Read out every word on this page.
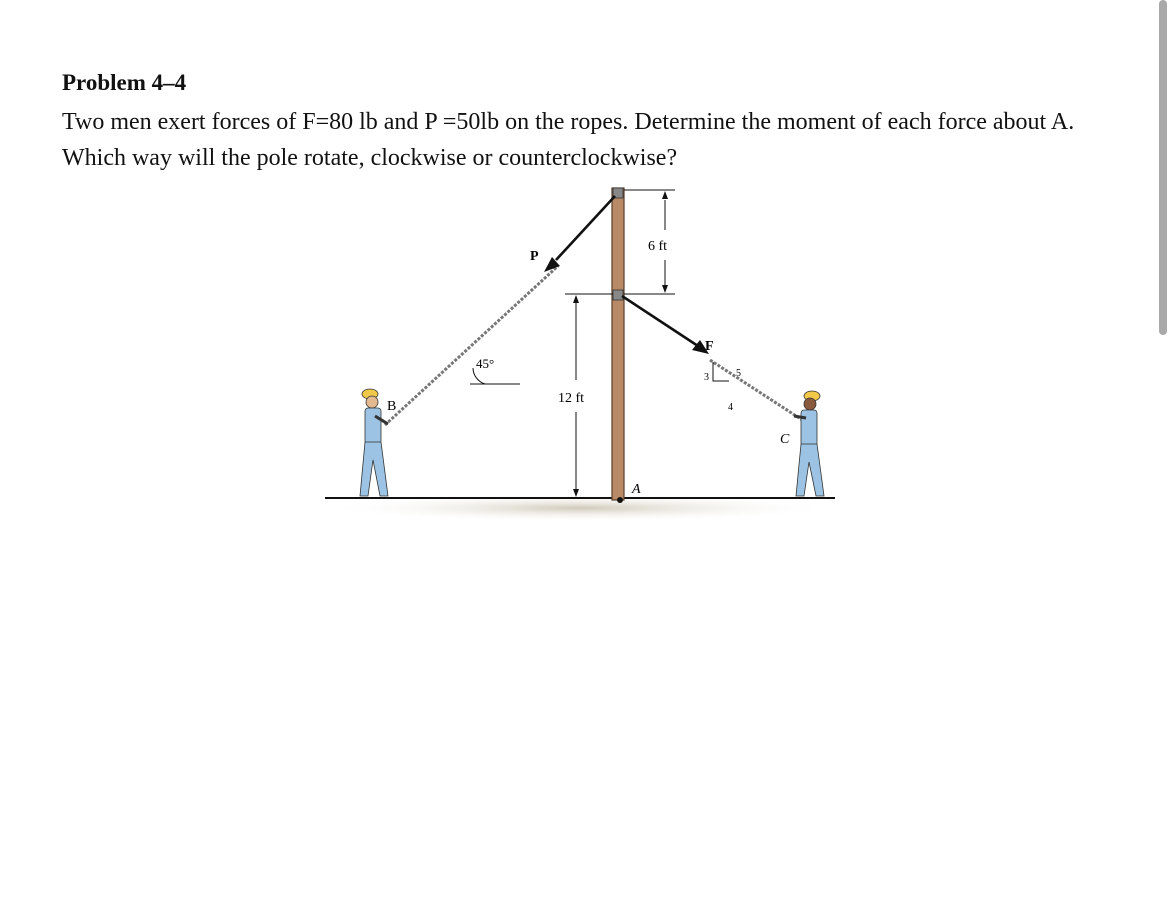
Problem 4–4

Two men exert forces of F=80 lb and P =50lb on the ropes. Determine the moment of each force about A. Which way will the pole rotate, clockwise or counterclockwise?

P
F
B
C
A
6 ft
12 ft
45°
3
4
5
